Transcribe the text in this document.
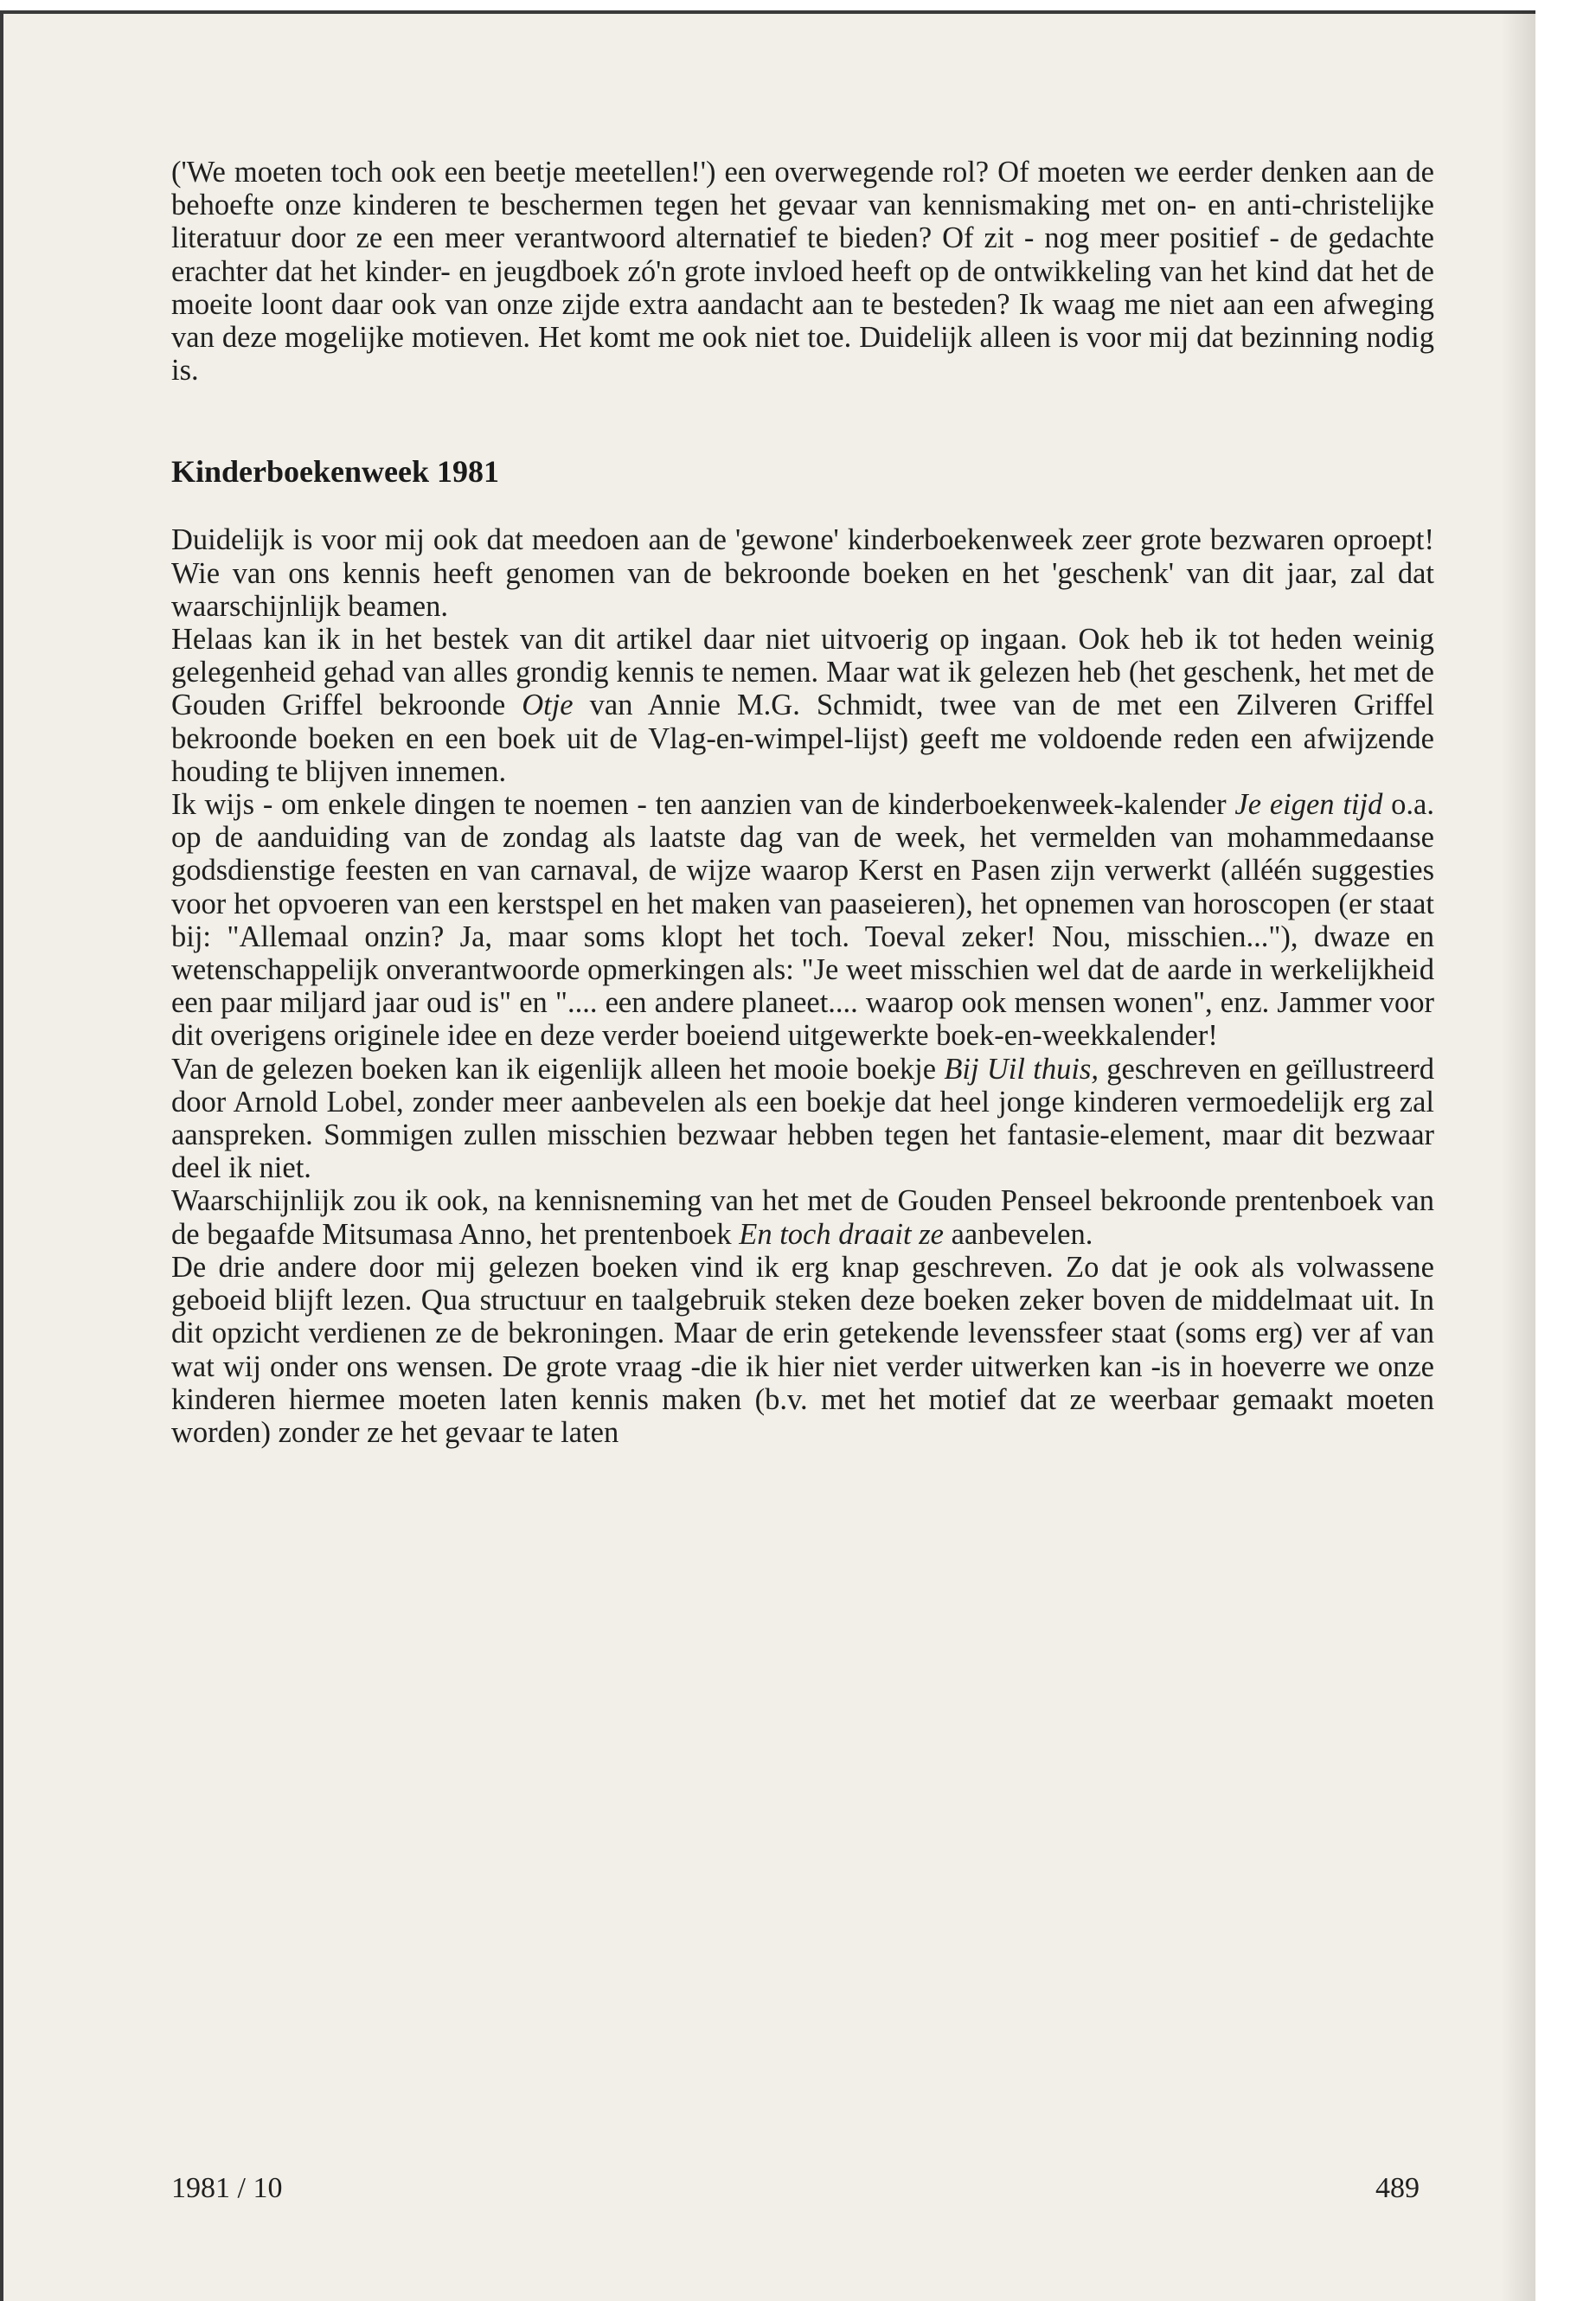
('We moeten toch ook een beetje meetellen!') een overwegende rol? Of moeten we eerder denken aan de behoefte onze kinderen te beschermen tegen het gevaar van kennismaking met on- en anti-christelijke literatuur door ze een meer verantwoord alternatief te bieden? Of zit - nog meer positief - de gedachte erachter dat het kinder- en jeugdboek zó'n grote invloed heeft op de ontwikkeling van het kind dat het de moeite loont daar ook van onze zijde extra aandacht aan te besteden? Ik waag me niet aan een afweging van deze mogelijke motieven. Het komt me ook niet toe. Duidelijk alleen is voor mij dat bezinning nodig is.

Kinderboekenweek 1981

Duidelijk is voor mij ook dat meedoen aan de 'gewone' kinderboekenweek zeer grote bezwaren oproept! Wie van ons kennis heeft genomen van de bekroonde boeken en het 'geschenk' van dit jaar, zal dat waarschijnlijk beamen.

Helaas kan ik in het bestek van dit artikel daar niet uitvoerig op ingaan. Ook heb ik tot heden weinig gelegenheid gehad van alles grondig kennis te nemen. Maar wat ik gelezen heb (het geschenk, het met de Gouden Griffel bekroonde Otje van Annie M.G. Schmidt, twee van de met een Zilveren Griffel bekroonde boeken en een boek uit de Vlag-en-wimpel-lijst) geeft me voldoende reden een afwijzende houding te blijven innemen.

Ik wijs - om enkele dingen te noemen - ten aanzien van de kinderboekenweek-kalender Je eigen tijd o.a. op de aanduiding van de zondag als laatste dag van de week, het vermelden van mohammedaanse godsdienstige feesten en van carnaval, de wijze waarop Kerst en Pasen zijn verwerkt (alléén suggesties voor het opvoeren van een kerstspel en het maken van paaseieren), het opnemen van horoscopen (er staat bij: "Allemaal onzin? Ja, maar soms klopt het toch. Toeval zeker! Nou, misschien..."), dwaze en wetenschappelijk onverantwoorde opmerkingen als: "Je weet misschien wel dat de aarde in werkelijkheid een paar miljard jaar oud is" en ".... een andere planeet.... waarop ook mensen wonen", enz. Jammer voor dit overigens originele idee en deze verder boeiend uitgewerkte boek-en-weekkalender!

Van de gelezen boeken kan ik eigenlijk alleen het mooie boekje Bij Uil thuis, geschreven en geïllustreerd door Arnold Lobel, zonder meer aanbevelen als een boekje dat heel jonge kinderen vermoedelijk erg zal aanspreken. Sommigen zullen misschien bezwaar hebben tegen het fantasie-element, maar dit bezwaar deel ik niet.

Waarschijnlijk zou ik ook, na kennisneming van het met de Gouden Penseel bekroonde prentenboek van de begaafde Mitsumasa Anno, het prentenboek En toch draait ze aanbevelen.

De drie andere door mij gelezen boeken vind ik erg knap geschreven. Zo dat je ook als volwassene geboeid blijft lezen. Qua structuur en taalgebruik steken deze boeken zeker boven de middelmaat uit. In dit opzicht verdienen ze de bekroningen. Maar de erin getekende levenssfeer staat (soms erg) ver af van wat wij onder ons wensen. De grote vraag -die ik hier niet verder uitwerken kan -is in hoeverre we onze kinderen hiermee moeten laten kennis maken (b.v. met het motief dat ze weerbaar gemaakt moeten worden) zonder ze het gevaar te laten

1981 / 10	489
